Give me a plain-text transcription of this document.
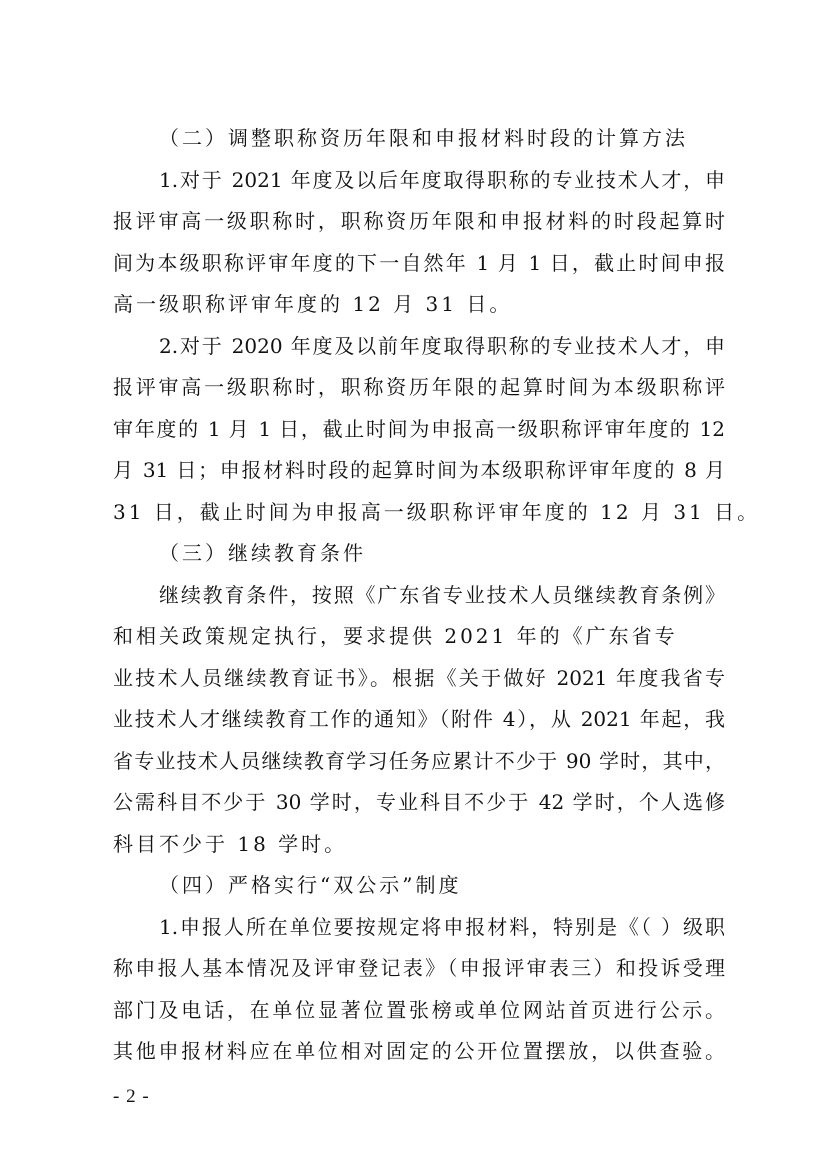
（二）调整职称资历年限和申报材料时段的计算方法
1.对于 2021 年度及以后年度取得职称的专业技术人才，申
报评审高一级职称时，职称资历年限和申报材料的时段起算时
间为本级职称评审年度的下一自然年 1 月 1 日，截止时间申报
高一级职称评审年度的 12 月 31 日。
2.对于 2020 年度及以前年度取得职称的专业技术人才，申
报评审高一级职称时，职称资历年限的起算时间为本级职称评
审年度的 1 月 1 日，截止时间为申报高一级职称评审年度的 12
月 31 日；申报材料时段的起算时间为本级职称评审年度的 8 月
31 日，截止时间为申报高一级职称评审年度的 12 月 31 日。
（三）继续教育条件
继续教育条件，按照《广东省专业技术人员继续教育条例》
和相关政策规定执行，要求提供 2021 年的《广东省专
业技术人员继续教育证书》。根据《关于做好 2021 年度我省专
业技术人才继续教育工作的通知》（附件 4），从 2021 年起，我
省专业技术人员继续教育学习任务应累计不少于 90 学时，其中，
公需科目不少于 30 学时，专业科目不少于 42 学时，个人选修
科目不少于 18 学时。
（四）严格实行“双公示”制度
1.申报人所在单位要按规定将申报材料，特别是《（ ）级职
称申报人基本情况及评审登记表》（申报评审表三）和投诉受理
部门及电话，在单位显著位置张榜或单位网站首页进行公示。
其他申报材料应在单位相对固定的公开位置摆放，以供查验。
- 2 -
